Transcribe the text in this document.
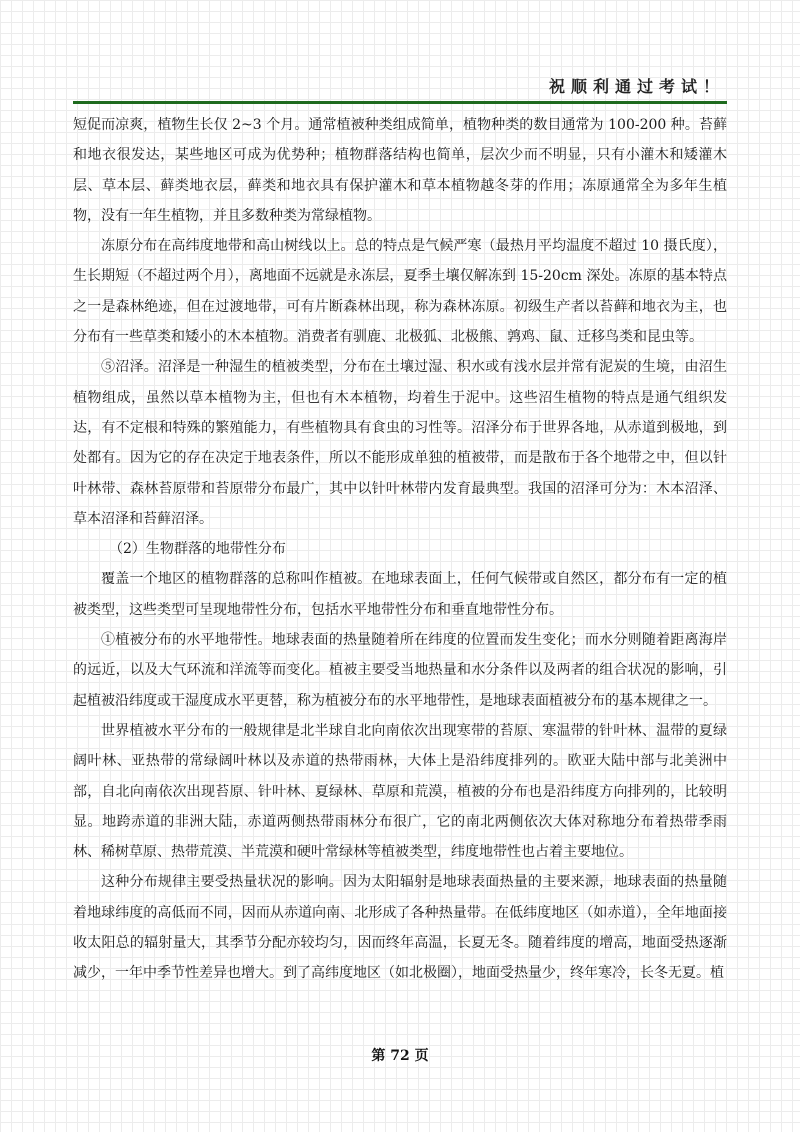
祝顺利通过考试！

短促而凉爽，植物生长仅 2~3 个月。通常植被种类组成简单，植物种类的数目通常为 100-200 种。苔藓和地衣很发达，某些地区可成为优势种；植物群落结构也简单，层次少而不明显，只有小灌木和矮灌木层、草本层、藓类地衣层，藓类和地衣具有保护灌木和草本植物越冬芽的作用；冻原通常全为多年生植物，没有一年生植物，并且多数种类为常绿植物。

冻原分布在高纬度地带和高山树线以上。总的特点是气候严寒（最热月平均温度不超过 10 摄氏度），生长期短（不超过两个月），离地面不远就是永冻层，夏季土壤仅解冻到 15-20cm 深处。冻原的基本特点之一是森林绝迹，但在过渡地带，可有片断森林出现，称为森林冻原。初级生产者以苔藓和地衣为主，也分布有一些草类和矮小的木本植物。消费者有驯鹿、北极狐、北极熊、鹑鸡、鼠、迁移鸟类和昆虫等。

⑤沼泽。沼泽是一种湿生的植被类型，分布在土壤过湿、积水或有浅水层并常有泥炭的生境，由沼生植物组成，虽然以草本植物为主，但也有木本植物，均着生于泥中。这些沼生植物的特点是通气组织发达，有不定根和特殊的繁殖能力，有些植物具有食虫的习性等。沼泽分布于世界各地，从赤道到极地，到处都有。因为它的存在决定于地表条件，所以不能形成单独的植被带，而是散布于各个地带之中，但以针叶林带、森林苔原带和苔原带分布最广，其中以针叶林带内发育最典型。我国的沼泽可分为：木本沼泽、草本沼泽和苔藓沼泽。

（2）生物群落的地带性分布

覆盖一个地区的植物群落的总称叫作植被。在地球表面上，任何气候带或自然区，都分布有一定的植被类型，这些类型可呈现地带性分布，包括水平地带性分布和垂直地带性分布。

①植被分布的水平地带性。地球表面的热量随着所在纬度的位置而发生变化；而水分则随着距离海岸的远近，以及大气环流和洋流等而变化。植被主要受当地热量和水分条件以及两者的组合状况的影响，引起植被沿纬度或干湿度成水平更替，称为植被分布的水平地带性，是地球表面植被分布的基本规律之一。

世界植被水平分布的一般规律是北半球自北向南依次出现寒带的苔原、寒温带的针叶林、温带的夏绿阔叶林、亚热带的常绿阔叶林以及赤道的热带雨林，大体上是沿纬度排列的。欧亚大陆中部与北美洲中部，自北向南依次出现苔原、针叶林、夏绿林、草原和荒漠，植被的分布也是沿纬度方向排列的，比较明显。地跨赤道的非洲大陆，赤道两侧热带雨林分布很广，它的南北两侧依次大体对称地分布着热带季雨林、稀树草原、热带荒漠、半荒漠和硬叶常绿林等植被类型，纬度地带性也占着主要地位。

这种分布规律主要受热量状况的影响。因为太阳辐射是地球表面热量的主要来源，地球表面的热量随着地球纬度的高低而不同，因而从赤道向南、北形成了各种热量带。在低纬度地区（如赤道），全年地面接收太阳总的辐射量大，其季节分配亦较均匀，因而终年高温，长夏无冬。随着纬度的增高，地面受热逐渐减少，一年中季节性差异也增大。到了高纬度地区（如北极圈），地面受热量少，终年寒冷，长冬无夏。植

第 72 页
